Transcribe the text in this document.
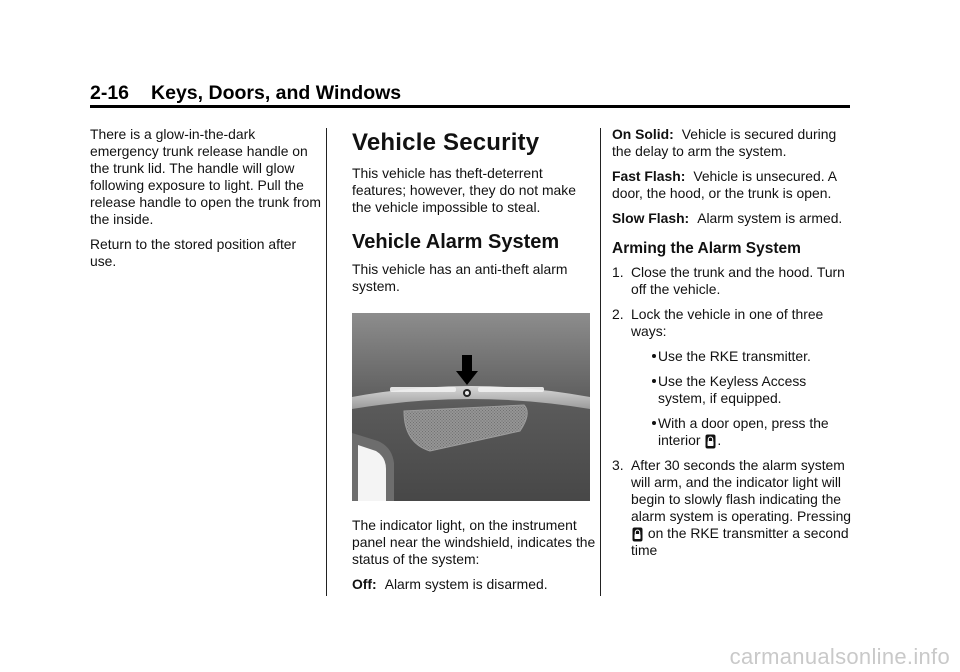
2-16 Keys, Doors, and Windows

There is a glow-in-the-dark emergency trunk release handle on the trunk lid. The handle will glow following exposure to light. Pull the release handle to open the trunk from the inside.

Return to the stored position after use.

Vehicle Security

This vehicle has theft-deterrent features; however, they do not make the vehicle impossible to steal.

Vehicle Alarm System

This vehicle has an anti-theft alarm system.

The indicator light, on the instrument panel near the windshield, indicates the status of the system:

Off: Alarm system is disarmed.

On Solid: Vehicle is secured during the delay to arm the system.

Fast Flash: Vehicle is unsecured. A door, the hood, or the trunk is open.

Slow Flash: Alarm system is armed.

Arming the Alarm System
1. Close the trunk and the hood. Turn off the vehicle.
2. Lock the vehicle in one of three ways:
Use the RKE transmitter.
Use the Keyless Access system, if equipped.
With a door open, press the interior .
3. After 30 seconds the alarm system will arm, and the indicator light will begin to slowly flash indicating the alarm system is operating. Pressing  on the RKE transmitter a second time
carmanualsonline.info
